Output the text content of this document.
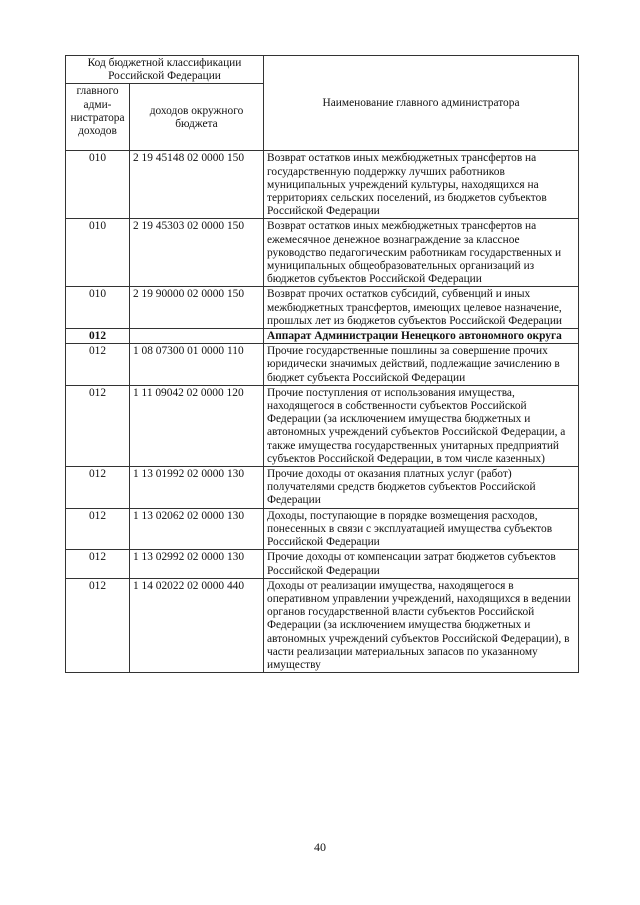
Код бюджетной классификации Российской Федерации		Наименование главного администратора
главного адми-нистратора доходов	доходов окружного бюджета	
010	2 19 45148 02 0000 150	Возврат остатков иных межбюджетных трансфертов на государственную поддержку лучших работников муниципальных учреждений культуры, находящихся на территориях сельских поселений, из бюджетов субъектов Российской Федерации
010	2 19 45303 02 0000 150	Возврат остатков иных межбюджетных трансфертов на ежемесячное денежное вознаграждение за классное руководство педагогическим работникам государственных и муниципальных общеобразовательных организаций из бюджетов субъектов Российской Федерации
010	2 19 90000 02 0000 150	Возврат прочих остатков субсидий, субвенций и иных межбюджетных трансфертов, имеющих целевое назначение, прошлых лет из бюджетов субъектов Российской Федерации
012		Аппарат Администрации Ненецкого автономного округа
012	1 08 07300 01 0000 110	Прочие государственные пошлины за совершение прочих юридически значимых действий, подлежащие зачислению в бюджет субъекта Российской Федерации
012	1 11 09042 02 0000 120	Прочие поступления от использования имущества, находящегося в собственности субъектов Российской Федерации (за исключением имущества бюджетных и автономных учреждений субъектов Российской Федерации, а также имущества государственных унитарных предприятий субъектов Российской Федерации, в том числе казенных)
012	1 13 01992 02 0000 130	Прочие доходы от оказания платных услуг (работ) получателями средств бюджетов субъектов Российской Федерации
012	1 13 02062 02 0000 130	Доходы, поступающие в порядке возмещения расходов, понесенных в связи с эксплуатацией имущества субъектов Российской Федерации
012	1 13 02992 02 0000 130	Прочие доходы от компенсации затрат бюджетов субъектов Российской Федерации
012	1 14 02022 02 0000 440	Доходы от реализации имущества, находящегося в оперативном управлении учреждений, находящихся в ведении органов государственной власти субъектов Российской Федерации (за исключением имущества бюджетных и автономных учреждений субъектов Российской Федерации), в части реализации материальных запасов по указанному имуществу
40
